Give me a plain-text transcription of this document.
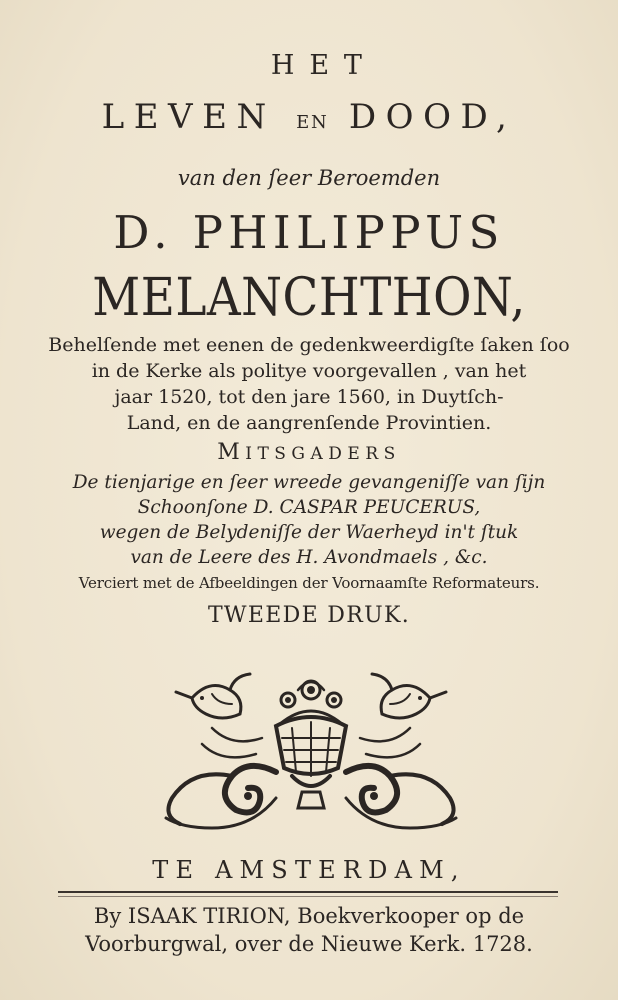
HET
LEVEN EN DOOD,
van den ſeer Beroemden
D. PHILIPPUS
MELANCHTHON,
Behelſende met eenen de gedenkweerdigſte ſaken ſoo
in de Kerke als politye voorgevallen , van het
jaar 1520, tot den jare 1560, in Duytſch-
Land, en de aangrenſende Provintien.
MITSGADERS
De tienjarige en ſeer wreede gevangeniſſe van ſijn
Schoonſone D. CASPAR PEUCERUS,
wegen de Belydeniſſe der Waerheyd in't ſtuk
van de Leere des H. Avondmaels , &c.
Verciert met de Afbeeldingen der Voornaamſte Reformateurs.
TWEEDE DRUK.
TE AMSTERDAM,
By ISAAK TIRION, Boekverkooper op de
Voorburgwal, over de Nieuwe Kerk. 1728.
